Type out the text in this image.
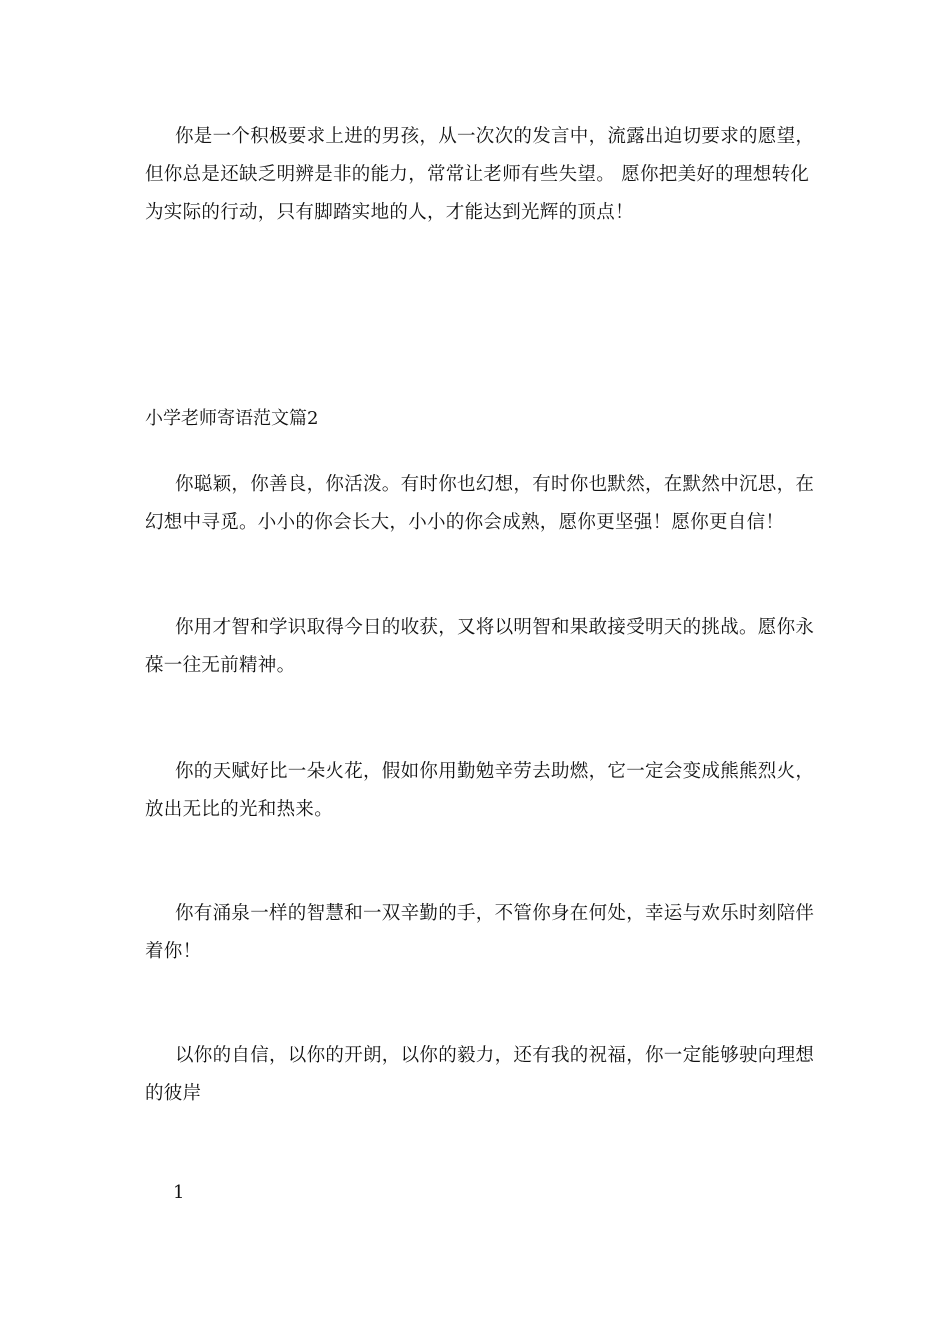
你是一个积极要求上进的男孩，从一次次的发言中，流露出迫切要求的愿望，但你总是还缺乏明辨是非的能力，常常让老师有些失望。 愿你把美好的理想转化为实际的行动，只有脚踏实地的人，才能达到光辉的顶点！

小学老师寄语范文篇2

你聪颖，你善良，你活泼。有时你也幻想，有时你也默然，在默然中沉思，在幻想中寻觅。小小的你会长大，小小的你会成熟，愿你更坚强！愿你更自信！

你用才智和学识取得今日的收获，又将以明智和果敢接受明天的挑战。愿你永葆一往无前精神。

你的天赋好比一朵火花，假如你用勤勉辛劳去助燃，它一定会变成熊熊烈火，放出无比的光和热来。

你有涌泉一样的智慧和一双辛勤的手，不管你身在何处，幸运与欢乐时刻陪伴着你！

以你的自信，以你的开朗，以你的毅力，还有我的祝福，你一定能够驶向理想的彼岸

1
